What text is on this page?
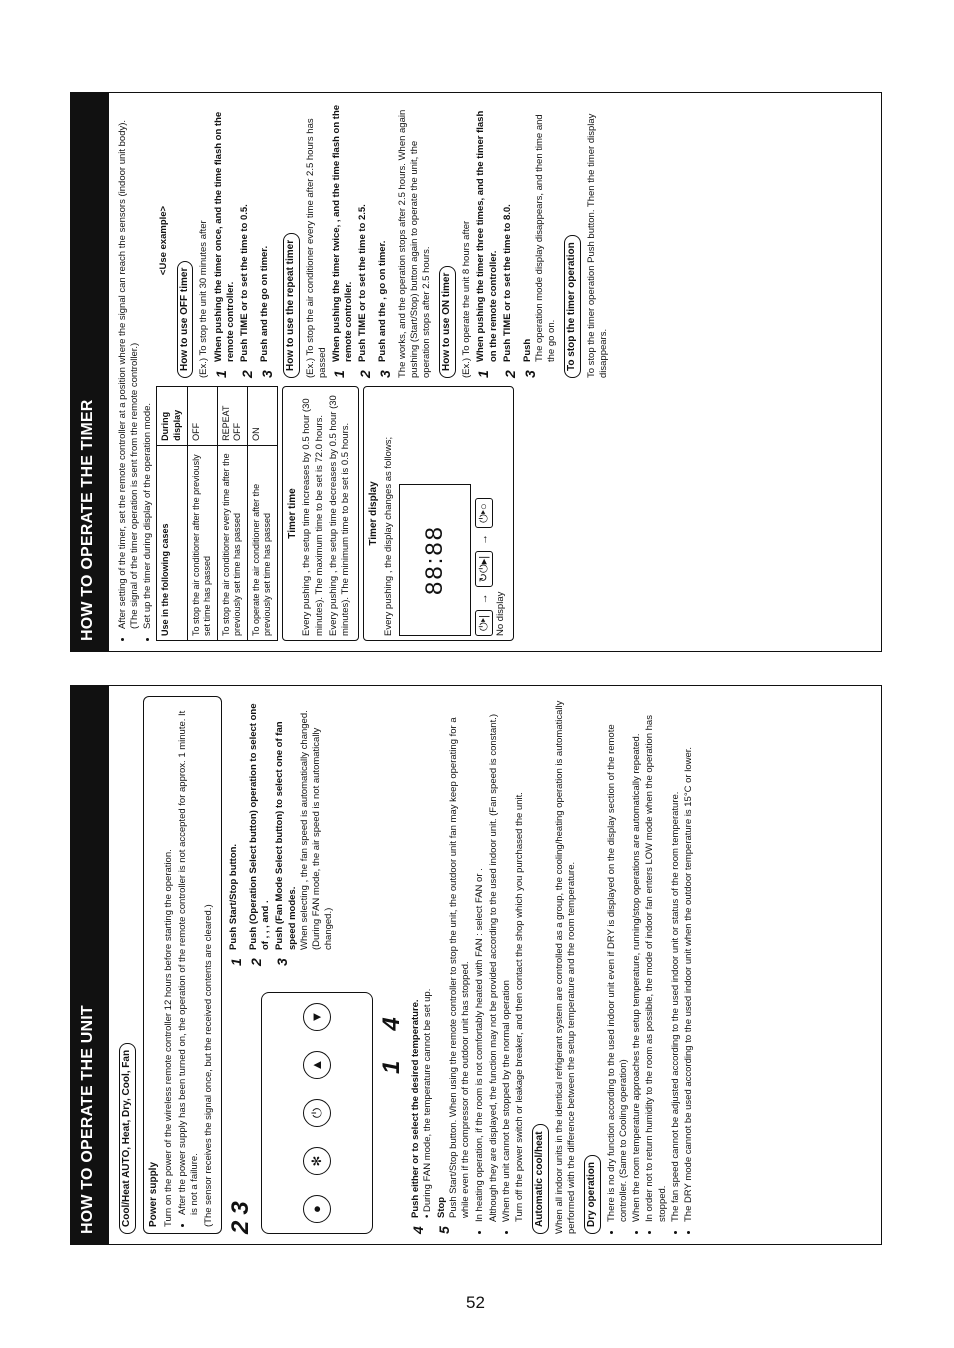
52
HOW TO OPERATE THE UNIT	Cool/Heat AUTO, Heat, Dry, Cool, Fan Power supply Turn on the power of the wireless remote controller 12 hours before starting the operation. • After the power supply has been turned on, the operation of the remote controller is not accepted for approx. 1 minute. It is not a failure. (The sensor receives the signal once, but the received contents are cleared.)

2
3	●
✻
⏻
▲
▼
1
4
1
Push Start/Stop button.
2
Push (Operation Select button) operation to select one of , , , and .
3
Push (Fan Mode Select button) to select one of fan speed modes.
When selecting , the fan speed is automatically changed. (During FAN mode, the air speed is not automatically changed.)
4
Push either or to select the desired temperature.
• During FAN mode, the temperature cannot be set up.
5
Stop
Push Start/Stop button. When using the remote controller to stop the unit, the outdoor unit fan may keep operating for a while even if the compressor of the outdoor unit has stopped. • In heating operation, if the room is not comfortably heated with FAN : select FAN or . Although they are displayed, the function may not be provided according to the used indoor unit. (Fan speed is constant.) • When the unit cannot be stopped by the normal operation Turn off the power switch or leakage breaker, and then contact the shop which you purchased the unit. Automatic cool/heat When all indoor units in the identical refrigerant system are controlled as a group, the cooling/heating operation is automatically performed with the difference between the setup temperature and the room temperature. Dry operation • There is no dry function according to the used indoor unit even if DRY is displayed on the display section of the remote controller. (Same to Cooling operation) • When the room temperature approaches the setup temperature, running/stop operations are automatically repeated. • In order not to return humidity to the room as possible, the mode of indoor fan enters LOW mode when the operation has stopped. • The fan speed cannot be adjusted according to the used indoor unit or status of the room temperature. • The DRY mode cannot be used according to the used indoor unit when the outdoor temperature is 15°C or lower.
HOW TO OPERATE THE TIMER	• After setting of the timer, set the remote controller at a position where the signal can reach the sensors (indoor unit body). (The signal of the timer operation is sent from the remote controller.) • Set up the timer during display of the operation mode. Use in the following cases	During display
To stop the air conditioner after the previously set time has passed	OFF
To stop the air conditioner every time after the previously set time has passed	REPEAT OFF
To operate the air conditioner after the previously set time has passed	ON
Timer time Every pushing , the setup time increases by 0.5 hour (30 minutes). The maximum time to be set is 72.0 hours. Every pushing , the setup time decreases by 0.5 hour (30 minutes). The minimum time to be set is 0.5 hours. Timer display Every pushing , the display changes as follows;	88:88
⏻▸|
→
↻⏻▸|
→
⏻▸○

No display

<Use example>

How to use OFF timer (Ex.) To stop the unit 30 minutes after 1
When pushing the timer once, and the time flash on the remote controller.
2
Push TIME or to set the time to 0.5.
3
Push and the go on timer.	How to use the repeat timer (Ex.) To stop the air conditioner every time after 2.5 hours has passed 1
When pushing the timer twice, , and the time flash on the remote controller.
2
Push TIME or to set the time to 2.5.
3
Push and the , go on timer. The works, and the operation stops after 2.5 hours. When again pushing (Start/Stop) button again to operate the unit, the operation stops after 2.5 hours. How to use ON timer (Ex.) To operate the unit 8 hours after 1
When pushing the timer three times, and the timer flash on the remote controller.
2
Push TIME or to set the time to 8.0.
3
Push
The operation mode display disappears, and then time and the go on. To stop the timer operation To stop the timer operation Push button. Then the timer display disappears.
